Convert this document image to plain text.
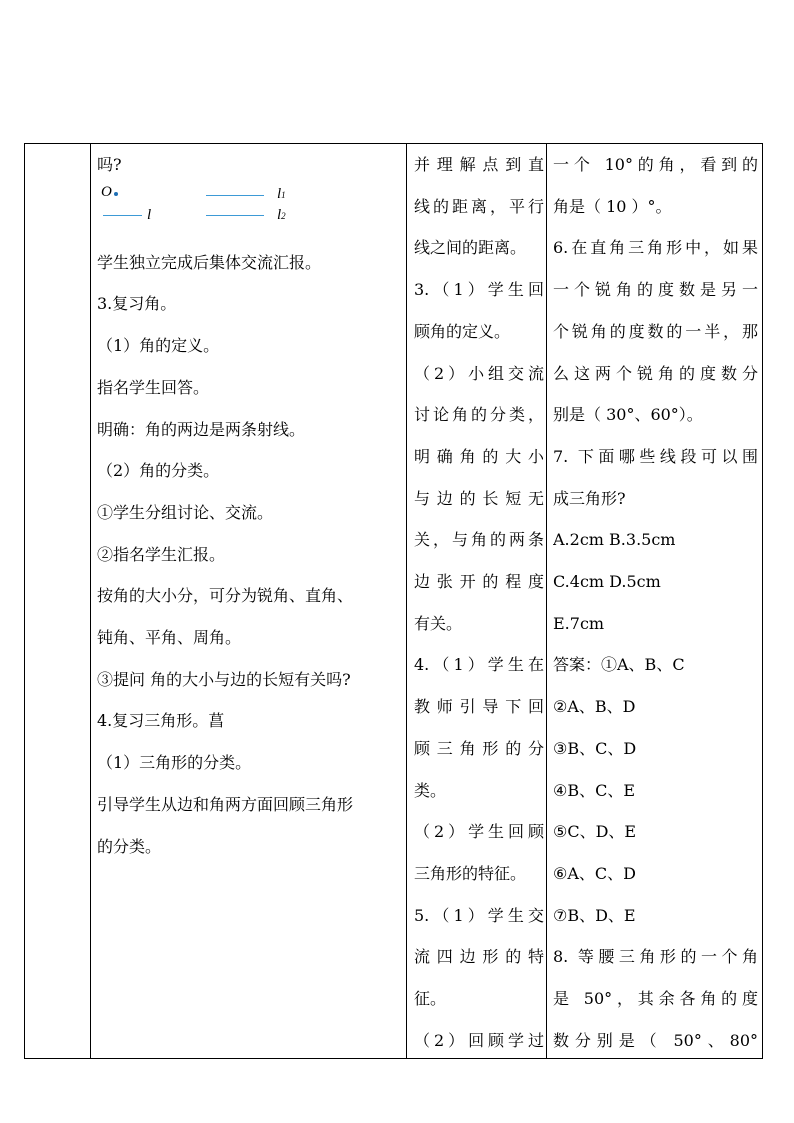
吗?

O
l
l1
l2

学生独立完成后集体交流汇报。

3.复习角。

（1）角的定义。

指名学生回答。

明确：角的两边是两条射线。

（2）角的分类。

①学生分组讨论、交流。

②指名学生汇报。

按角的大小分，可分为锐角、直角、

钝角、平角、周角。

③提问 角的大小与边的长短有关吗?

4.复习三角形。菖

（1）三角形的分类。

引导学生从边和角两方面回顾三角形

的分类。

并理解点到直

线的距离，平行

线之间的距离。

3.（1）学生回

顾角的定义。

（2）小组交流

讨论角的分类，

明确角的大小

与边的长短无

关，与角的两条

边张开的程度

有关。

4.（1）学生在

教师引导下回

顾三角形的分

类。

（2）学生回顾

三角形的特征。

5.（1）学生交

流四边形的特

征。

（2）回顾学过

一个 10°的角，看到的

角是（ 10 ）°。

6.在直角三角形中，如果

一个锐角的度数是另一

个锐角的度数的一半，那

么这两个锐角的度数分

别是（ 30°、60°）。

7. 下面哪些线段可以围

成三角形?

A.2cm B.3.5cm

C.4cm D.5cm

E.7cm

答案：①A、B、C

②A、B、D

③B、C、D

④B、C、E

⑤C、D、E

⑥A、C、D

⑦B、D、E

8. 等腰三角形的一个角

是 50°，其余各角的度

数分别是（ 50°、80°
